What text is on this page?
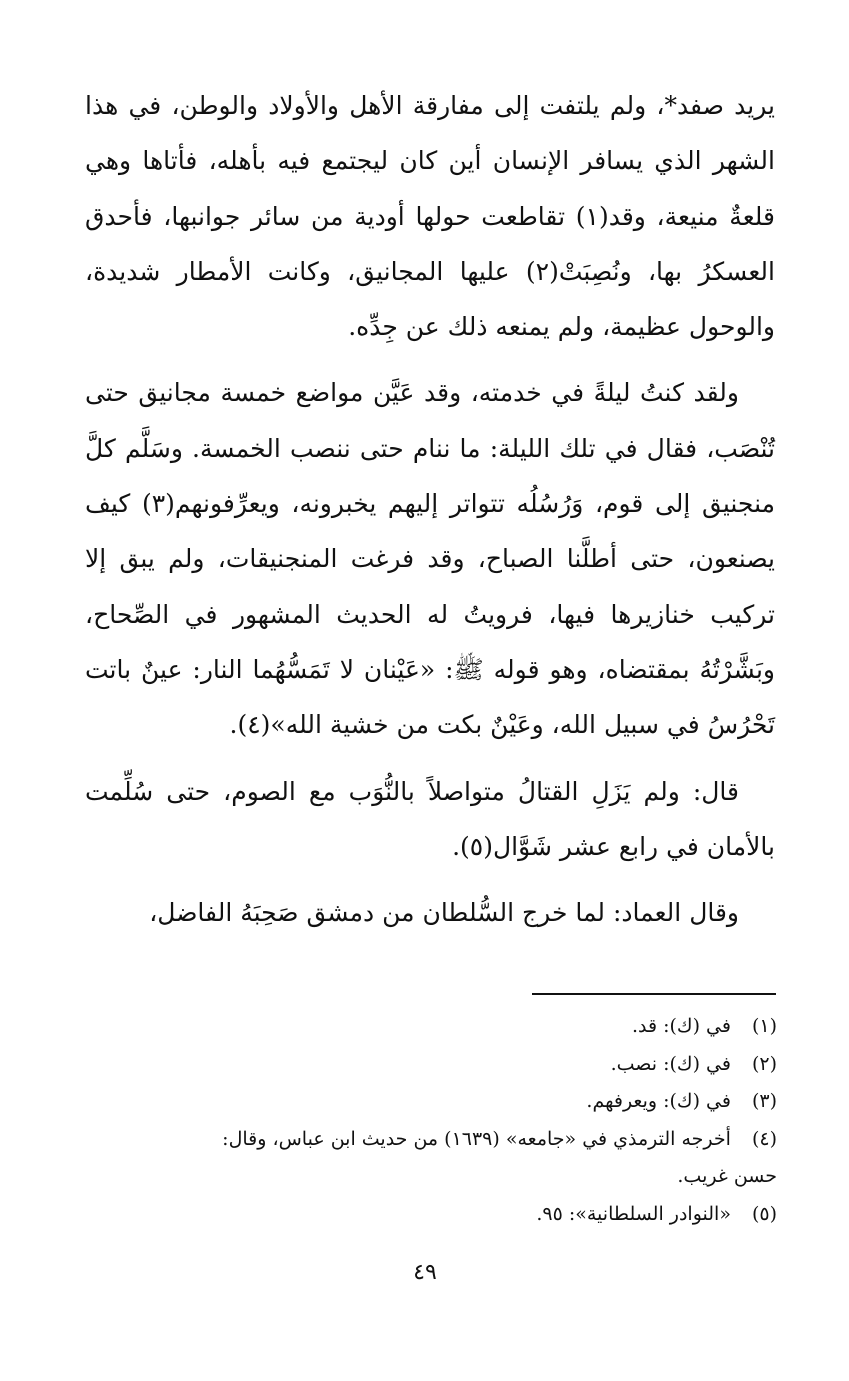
يريد صفد*، ولم يلتفت إلى مفارقة الأهل والأولاد والوطن، في هذا الشهر الذي يسافر الإنسان أين كان ليجتمع فيه بأهله، فأتاها وهي قلعةٌ منيعة، وقد(١) تقاطعت حولها أودية من سائر جوانبها، فأحدق العسكرُ بها، ونُصِبَتْ(٢) عليها المجانيق، وكانت الأمطار شديدة، والوحول عظيمة، ولم يمنعه ذلك عن جِدِّه.

ولقد كنتُ ليلةً في خدمته، وقد عَيَّن مواضع خمسة مجانيق حتى تُنْصَب، فقال في تلك الليلة: ما ننام حتى ننصب الخمسة. وسَلَّم كلَّ منجنيق إلى قوم، وَرُسُلُه تتواتر إليهم يخبرونه، ويعرِّفونهم(٣) كيف يصنعون، حتى أطلَّنا الصباح، وقد فرغت المنجنيقات، ولم يبق إلا تركيب خنازيرها فيها، فرويتُ له الحديث المشهور في الصِّحاح، وبَشَّرْتُهُ بمقتضاه، وهو قوله ﷺ: «عَيْنان لا تَمَسُّهُما النار: عينٌ باتت تَحْرُسُ في سبيل الله، وعَيْنٌ بكت من خشية الله»(٤).

قال: ولم يَزَلِ القتالُ متواصلاً بالنُّوَب مع الصوم، حتى سُلِّمت بالأمان في رابع عشر شَوَّال(٥).

وقال العماد: لما خرج السُّلطان من دمشق صَحِبَهُ الفاضل،

(١) في (ك): قد.

(٢) في (ك): نصب.

(٣) في (ك): ويعرفهم.

(٤) أخرجه الترمذي في «جامعه» (١٦٣٩) من حديث ابن عباس، وقال:

حسن غريب.

(٥) «النوادر السلطانية»: ٩٥.

٤٩
